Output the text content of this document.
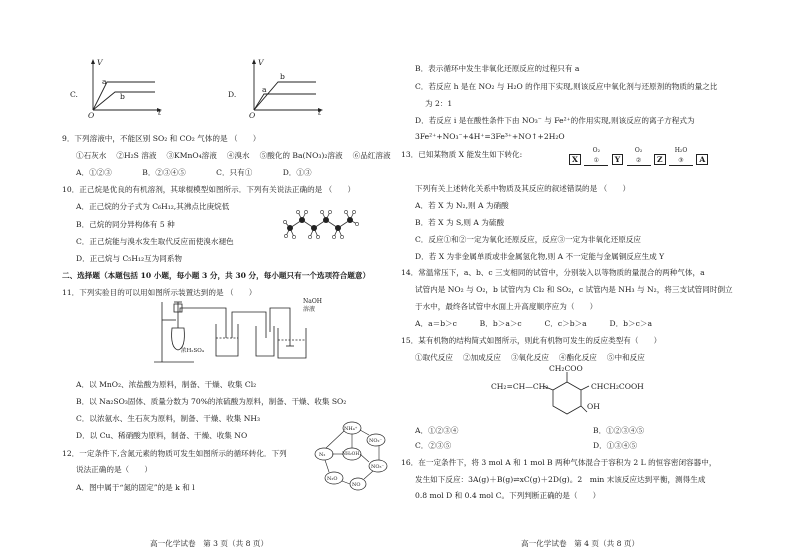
C.
V
t
O
a
b	D.
V
t
O
a
b
9．下列溶液中，不能区别 SO₂ 和 CO₂ 气体的是 （　　）
①石灰水　 ②H₂S 溶液　 ③KMnO₄溶液　 ④溴水　 ⑤酸化的 Ba(NO₃)₂溶液　 ⑥品红溶液
A．①②③　　　　B．②③④⑤　　　　C．只有①　　　　D．①③
10．正己烷是优良的有机溶剂，其球棍模型如图所示．下列有关说法正确的是 （　　）
A．正己烷的分子式为 C₆H₁₂,其沸点比庚烷低
B．己烷的同分异构体有 5 种
C．正己烷能与溴水发生取代反应而使溴水褪色
D．正己烷与 C₅H₁₂互为同系物
二、选择题（本题包括 10 小题，每小题 3 分，共 30 分，每小题只有一个选项符合题意）
11．下列实验目的可以用如图所示装置达到的是 （　　）
NaOH
溶液
浓H₂SO₄
A．以 MnO₂、浓盐酸为原料，制备、干燥、收集 Cl₂
B．以 Na₂SO₃固体、质量分数为 70%的浓硫酸为原料，制备、干燥、收集 SO₂
C．以浓氨水、生石灰为原料，制备、干燥、收集 NH₃
D．以 Cu、稀硝酸为原料，制备、干燥、收集 NO
12．一定条件下,含氮元素的物质可发生如图所示的循环转化．下列
说法正确的是（　　）
A．图中属于“氮的固定”的是 k 和 l
NH₄⁺
NO₂⁻
NO₃⁻
NO
N₂O
N₂	NH₂OH
高一化学试卷　第 3 页（共 8 页）
B．表示循环中发生非氧化还原反应的过程只有 a
C．若反应 h 是在 NO₂ 与 H₂O 的作用下实现,则该反应中氧化剂与还原剂的物质的量之比
为 2：1
D．若反应 i 是在酸性条件下由 NO₃⁻ 与 Fe²⁺的作用实现,则该反应的离子方程式为
3Fe²⁺+NO₃⁻+4H⁺=3Fe³⁺+NO↑+2H₂O
13．已知某物质 X 能发生如下转化:
X O₂
① Y O₂
② Z H₂O
③ A
下列有关上述转化关系中物质及其反应的叙述错误的是 （　　）
A．若 X 为 N₂,则 A 为硝酸
B．若 X 为 S,则 A 为硫酸
C．反应①和②一定为氧化还原反应，反应③一定为非氧化还原反应
D．若 X 为非金属单质或非金属氢化物,则 A 不一定能与金属铜反应生成 Y
14．常温常压下，a、b、c 三支相同的试管中，分别装入以等物质的量混合的两种气体，a
试管内是 NO₂ 与 O₂，b 试管内为 Cl₂ 和 SO₂，c 试管内是 NH₃ 与 N₂，将三支试管同时倒立
于水中，最终各试管中水面上升高度顺序应为（　　）
A．a＝b＞c　　　B．b＞a＞c　　　C．c＞b＞a　　　D．b＞c＞a
15．某有机物的结构简式如图所示，则此有机物可发生的反应类型有（　　）
①取代反应　 ②加成反应　 ③氧化反应　 ④酯化反应　 ⑤中和反应
CH₂COO
CH₂=CH—CH₂	CHCH₂COOH
OH
A．①②③④	B．①②③④⑤
C．②③⑤	D．①③④⑤
16．在一定条件下，将 3 mol A 和 1 mol B 两种气体混合于容积为 2 L 的恒容密闭容器中，
发生如下反应：3A(g)＋B(g)⇌xC(g)＋2D(g)。2　min 末该反应达到平衡，测得生成
0.8 mol D 和 0.4 mol C。下列判断正确的是（　　）
高一化学试卷　第 4 页（共 8 页）
